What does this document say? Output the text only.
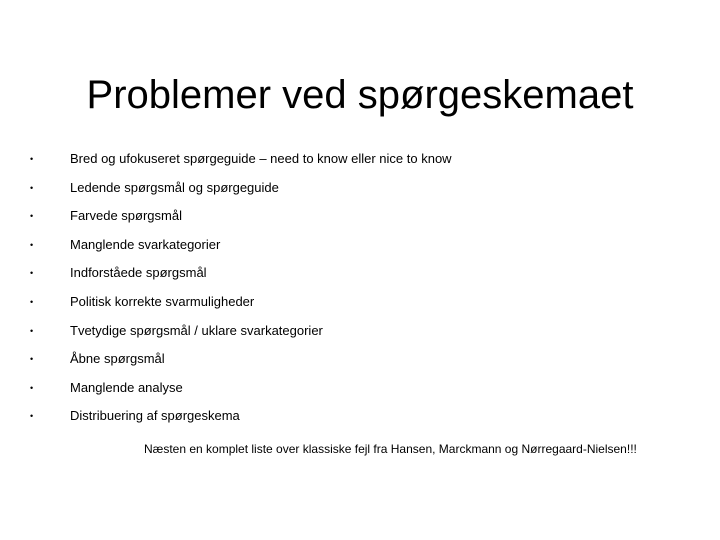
Problemer ved spørgeskemaet
•	Bred og ufokuseret spørgeguide – need to know eller nice to know
•	Ledende spørgsmål og spørgeguide
•	Farvede spørgsmål
•	Manglende svarkategorier
•	Indforståede spørgsmål
•	Politisk korrekte svarmuligheder
•	Tvetydige spørgsmål / uklare svarkategorier
•	Åbne spørgsmål
•	Manglende analyse
•	Distribuering af spørgeskema
Næsten en komplet liste over klassiske fejl fra Hansen, Marckmann og Nørregaard-Nielsen!!!
